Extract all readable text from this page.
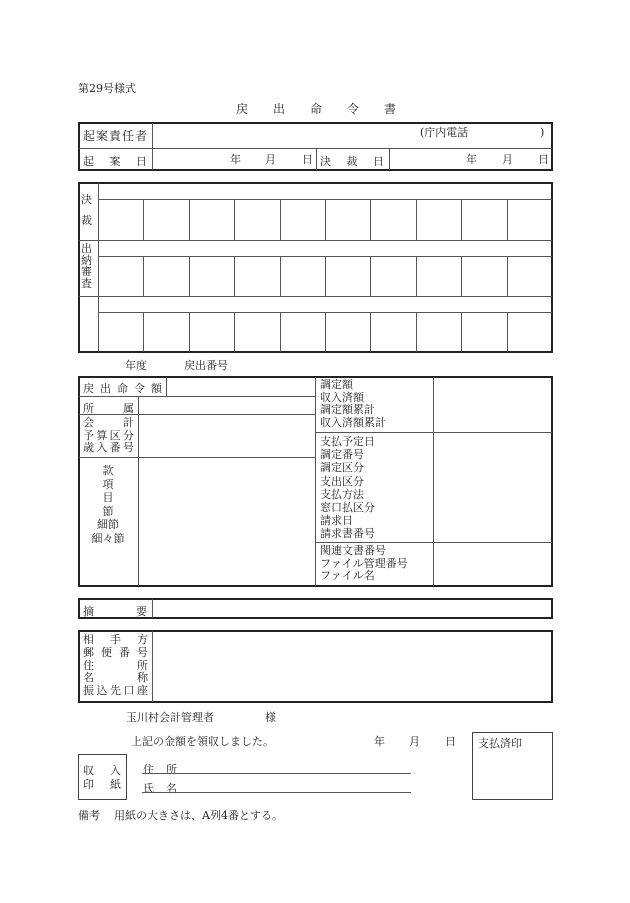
第29号様式
戻 出 命 令 書
起案責任者	(庁内電話	)
起 案 日	年 月 日 決 裁 日	年 月 日
決
裁
出
納
審
査
年度	戻出番号
戻 出 命 令 額
所	属
会	計
予 算 区 分
歳 入 番 号
款
項
目
節
細節
細々節
調定額
収入済額
調定額累計
収入済額累計
支払予定日
調定番号
調定区分
支出区分
支払方法
窓口払区分
請求日
請求書番号
関連文書番号
ファイル管理番号
ファイル名
摘	要
相 手 方
郵 便 番 号
住	所
名	称
振 込 先 口 座
玉川村会計管理者	様
上記の金額を領収しました。	年 月 日
収 入
印 紙
住 所
氏 名
支払済印
備考 用紙の大きさは、A列4番とする。
